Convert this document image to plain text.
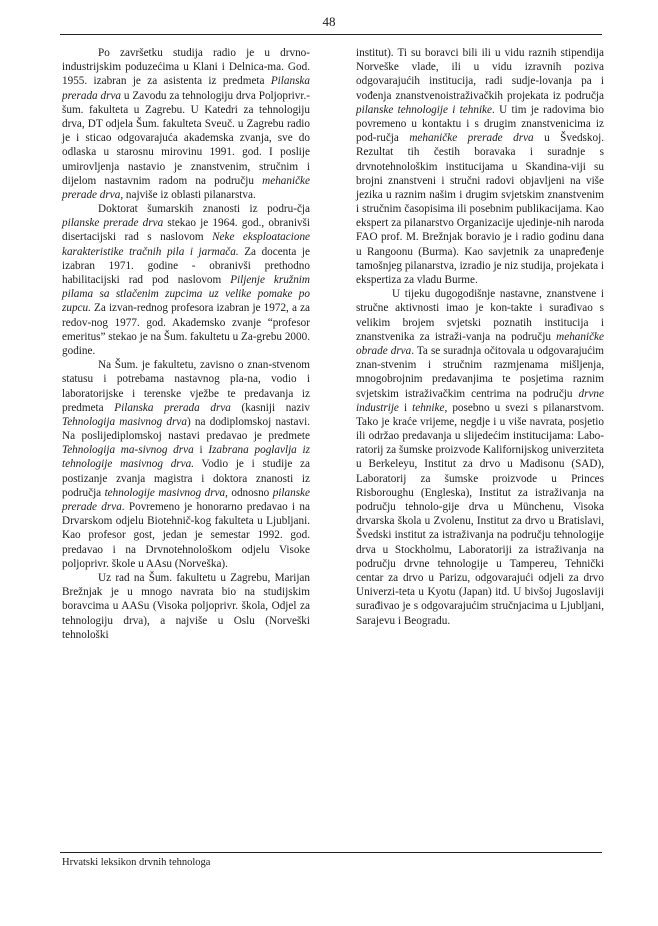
48

Po završetku studija radio je u drvno-industrijskim poduzećima u Klani i Delnica-ma. God. 1955. izabran je za asistenta iz predmeta Pilanska prerada drva u Zavodu za tehnologiju drva Poljoprivr.-šum. fakulteta u Zagrebu. U Katedri za tehnologiju drva, DT odjela Šum. fakulteta Sveuč. u Zagrebu radio je i sticao odgovarajuća akademska zvanja, sve do odlaska u starosnu mirovinu 1991. god. I poslije umirovljenja nastavio je znanstvenim, stručnim i dijelom nastavnim radom na području mehaničke prerade drva, najviše iz oblasti pilanarstva.

Doktorat šumarskih znanosti iz podru-čja pilanske prerade drva stekao je 1964. god., obranivši disertacijski rad s naslovom Neke eksploatacione karakteristike tračnih pila i jarmača. Za docenta je izabran 1971. godine - obranivši prethodno habilitacijski rad pod naslovom Piljenje kružnim pilama sa stlačenim zupcima uz velike pomake po zupcu. Za izvan-rednog profesora izabran je 1972, a za redov-nog 1977. god. Akademsko zvanje “profesor emeritus” stekao je na Šum. fakultetu u Za-grebu 2000. godine.

Na Šum. je fakultetu, zavisno o znan-stvenom statusu i potrebama nastavnog pla-na, vodio i laboratorijske i terenske vježbe te predavanja iz predmeta Pilanska prerada drva (kasniji naziv Tehnologija masivnog drva) na dodiplomskoj nastavi. Na poslijediplomskoj nastavi predavao je predmete Tehnologija ma-sivnog drva i Izabrana poglavlja iz tehnologije masivnog drva. Vodio je i studije za postizanje zvanja magistra i doktora znanosti iz područja tehnologije masivnog drva, odnosno pilanske prerade drva. Povremeno je honorarno predavao i na Drvarskom odjelu Biotehnič-kog fakulteta u Ljubljani. Kao profesor gost, jedan je semestar 1992. god. predavao i na Drvnotehnološkom odjelu Visoke poljoprivr. škole u AAsu (Norveška).

Uz rad na Šum. fakultetu u Zagrebu, Marijan Brežnjak je u mnogo navrata bio na studijskim boravcima u AASu (Visoka poljoprivr. škola, Odjel za tehnologiju drva), a najviše u Oslu (Norveški tehnološki

institut). Ti su boravci bili ili u vidu raznih stipendija Norveške vlade, ili u vidu izravnih poziva odgovarajućih institucija, radi sudje-lovanja pa i vođenja znanstvenoistraživačkih projekata iz područja pilanske tehnologije i tehnike. U tim je radovima bio povremeno u kontaktu i s drugim znanstvenicima iz pod-ručja mehaničke prerade drva u Švedskoj. Rezultat tih čestih boravaka i suradnje s drvnotehnološkim institucijama u Skandina-viji su brojni znanstveni i stručni radovi objavljeni na više jezika u raznim našim i drugim svjetskim znanstvenim i stručnim časopisima ili posebnim publikacijama. Kao ekspert za pilanarstvo Organizacije ujedinje-nih naroda FAO prof. M. Brežnjak boravio je i radio godinu dana u Rangoonu (Burma). Kao savjetnik za unapređenje tamošnjeg pilanarstva, izradio je niz studija, projekata i ekspertiza za vladu Burme.

U tijeku dugogodišnje nastavne, znanstvene i stručne aktivnosti imao je kon-takte i surađivao s velikim brojem svjetski poznatih institucija i znanstvenika za istraži-vanja na području mehaničke obrade drva. Ta se suradnja očitovala u odgovarajućim znan-stvenim i stručnim razmjenama mišljenja, mnogobrojnim predavanjima te posjetima raznim svjetskim istraživačkim centrima na području drvne industrije i tehnike, posebno u svezi s pilanarstvom. Tako je kraće vrijeme, negdje i u više navrata, posjetio ili održao predavanja u slijedećim institucijama: Labo-ratorij za šumske proizvode Kalifornijskog univerziteta u Berkeleyu, Institut za drvo u Madisonu (SAD), Laboratorij za šumske proizvode u Princes Risboroughu (Engleska), Institut za istraživanja na području tehnolo-gije drva u Münchenu, Visoka drvarska škola u Zvolenu, Institut za drvo u Bratislavi, Švedski institut za istraživanja na području tehnologije drva u Stockholmu, Laboratoriji za istraživanja na području drvne tehnologije u Tampereu, Tehnički centar za drvo u Parizu, odgovarajući odjeli za drvo Univerzi-teta u Kyotu (Japan) itd. U bivšoj Jugoslaviji surađivao je s odgovarajućim stručnjacima u Ljubljani, Sarajevu i Beogradu.

Hrvatski leksikon drvnih tehnologa
